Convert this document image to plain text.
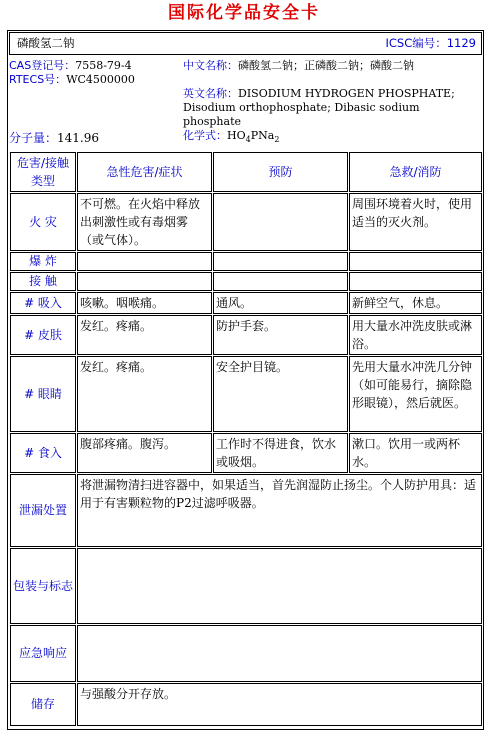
国际化学品安全卡
磷酸氢二钠	ICSC编号：1129
CAS登记号：7558-79-4
RTECS号：WC4500000
分子量：141.96
中文名称：磷酸氢二钠；正磷酸二钠；磷酸二钠
英文名称：DISODIUM HYDROGEN PHOSPHATE; Disodium orthophosphate; Dibasic sodium phosphate
化学式：$HO_4PNa_2$
危害/接触类型	急性危害/症状	预防	急救/消防
火 灾	不可燃。在火焰中释放出刺激性或有毒烟雾（或气体）。		周围环境着火时，使用适当的灭火剂。
爆 炸			
接 触			
# 吸入	咳嗽。咽喉痛。	通风。	新鲜空气，休息。
# 皮肤	发红。疼痛。	防护手套。	用大量水冲洗皮肤或淋浴。
# 眼睛	发红。疼痛。	安全护目镜。	先用大量水冲洗几分钟（如可能易行，摘除隐形眼镜），然后就医。
# 食入	腹部疼痛。腹泻。	工作时不得进食，饮水或吸烟。	漱口。饮用一或两杯水。
泄漏处置	将泄漏物清扫进容器中，如果适当，首先润湿防止扬尘。个人防护用具：适用于有害颗粒物的P2过滤呼吸器。		
包装与标志			
应急响应			
储存	与强酸分开存放。		
